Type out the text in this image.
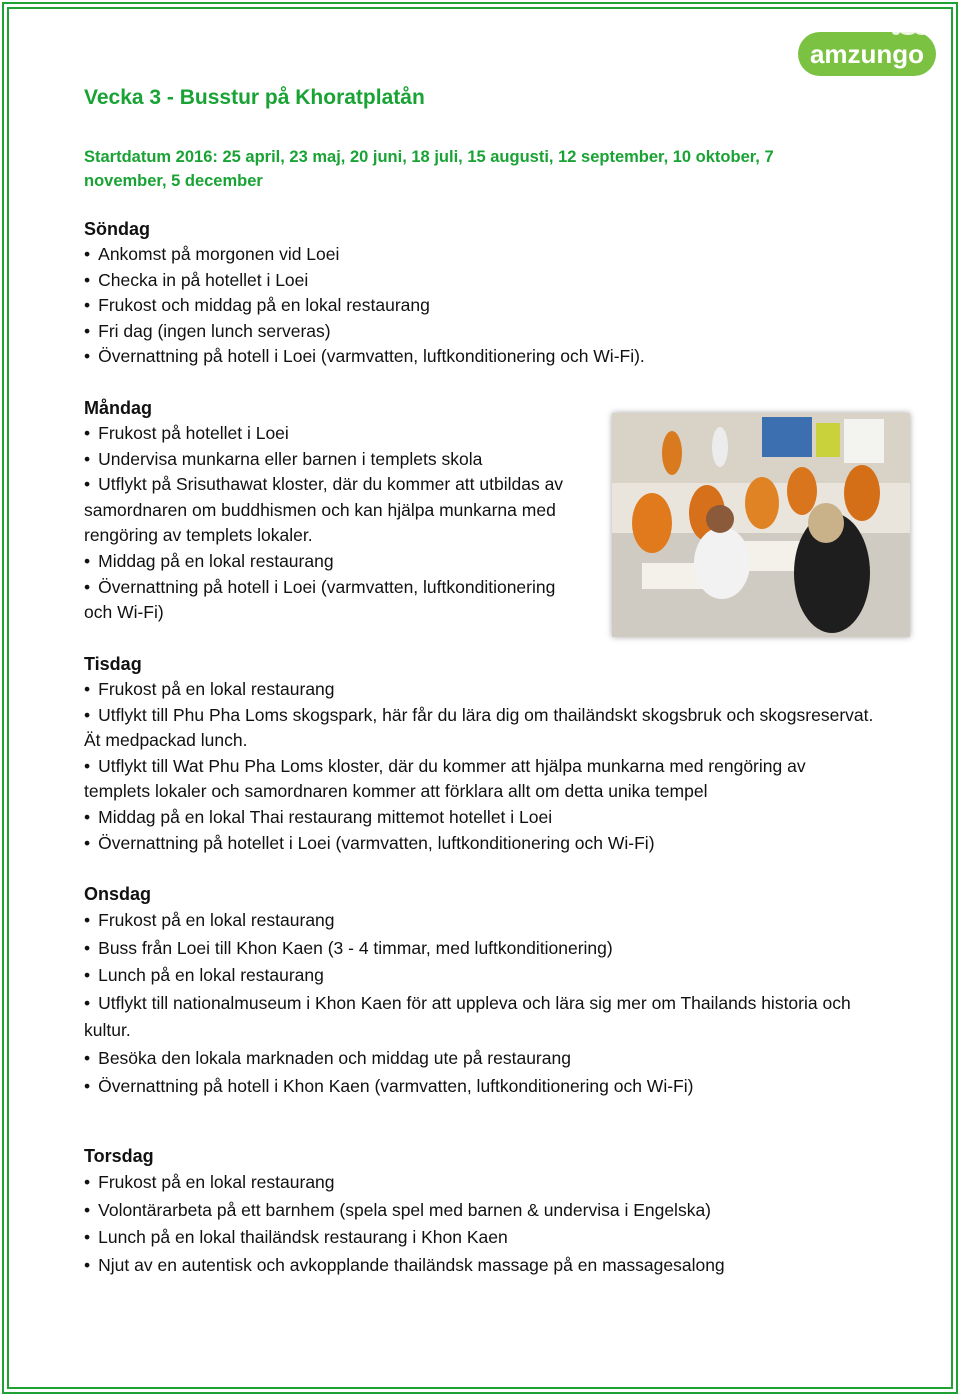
amzungo
Vecka 3 - Busstur på Khoratplatån

Startdatum 2016: 25 april, 23 maj, 20 juni, 18 juli, 15 augusti, 12 september, 10 oktober, 7 november, 5 december

Söndag

• Ankomst på morgonen vid Loei
• Checka in på hotellet i Loei
• Frukost och middag på en lokal restaurang
• Fri dag (ingen lunch serveras)
• Övernattning på hotell i Loei (varmvatten, luftkonditionering och Wi-Fi).

Måndag

• Frukost på hotellet i Loei
• Undervisa munkarna eller barnen i templets skola
• Utflykt på Srisuthawat kloster, där du kommer att utbildas av samordnaren om buddhismen och kan hjälpa munkarna med rengöring av templets lokaler.
• Middag på en lokal restaurang
• Övernattning på hotell i Loei (varmvatten, luftkonditionering och Wi-Fi)

Tisdag

• Frukost på en lokal restaurang
• Utflykt till Phu Pha Loms skogspark, här får du lära dig om thailändskt skogsbruk och skogsreservat. Ät medpackad lunch.
• Utflykt till Wat Phu Pha Loms kloster, där du kommer att hjälpa munkarna med rengöring av templets lokaler och samordnaren kommer att förklara allt om detta unika tempel
• Middag på en lokal Thai restaurang mittemot hotellet i Loei
• Övernattning på hotellet i Loei (varmvatten, luftkonditionering och Wi-Fi)

Onsdag

• Frukost på en lokal restaurang
• Buss från Loei till Khon Kaen (3 - 4 timmar, med luftkonditionering)
• Lunch på en lokal restaurang
• Utflykt till nationalmuseum i Khon Kaen för att uppleva och lära sig mer om Thailands historia och kultur.
• Besöka den lokala marknaden och middag ute på restaurang
• Övernattning på hotell i Khon Kaen (varmvatten, luftkonditionering och Wi-Fi)

Torsdag

• Frukost på en lokal restaurang
• Volontärarbeta på ett barnhem (spela spel med barnen & undervisa i Engelska)
• Lunch på en lokal thailändsk restaurang i Khon Kaen
• Njut av en autentisk och avkopplande thailändsk massage på en massagesalong
